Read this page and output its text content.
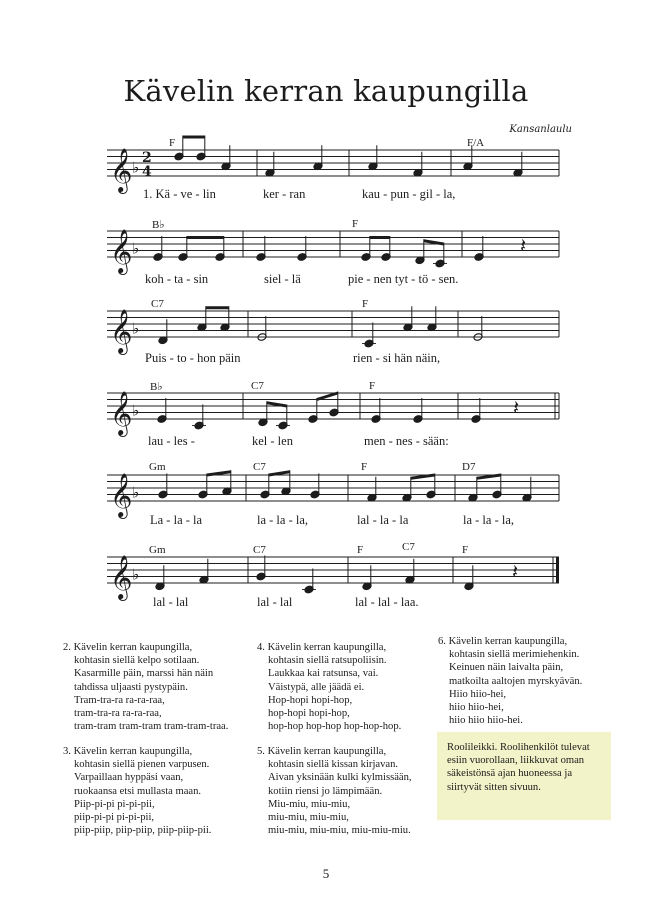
Kävelin kerran kaupungilla
Kansanlaulu
𝄞 ♭
2
4
𝄞 ♭	𝄽
𝄞 ♭
𝄞 ♭	𝄽
𝄞 ♭
𝄞 ♭	𝄽
F	F/A
B♭	F
C7	F
B♭	C7	F
Gm	C7	F	D7
Gm	C7	F	C7	F
1. Kä - ve - lin	ker - ran	kau - pun - gil - la,
koh - ta - sin	siel - lä	pie - nen tyt - tö - sen.
Puis - to - hon päin	rien - si hän näin,
lau - les -	kel - len	men - nes - sään:
La - la - la	la - la - la,	lal - la - la	la - la - la,
lal - lal	lal - lal	lal - lal - laa.
2. Kävelin kerran kaupungilla,
kohtasin siellä kelpo sotilaan.
Kasarmille päin, marssi hän näin
tahdissa uljaasti pystypäin.
Tram-tra-ra ra-ra-raa,
tram-tra-ra ra-ra-raa,
tram-tram tram-tram tram-tram-traa.
3. Kävelin kerran kaupungilla,
kohtasin siellä pienen varpusen.
Varpaillaan hyppäsi vaan,
ruokaansa etsi mullasta maan.
Piip-pi-pi pi-pi-pii,
piip-pi-pi pi-pi-pii,
piip-piip, piip-piip, piip-piip-pii.
4. Kävelin kerran kaupungilla,
kohtasin siellä ratsupoliisin.
Laukkaa kai ratsunsa, vai.
Väistypä, alle jäädä ei.
Hop-hopi hopi-hop,
hop-hopi hopi-hop,
hop-hop hop-hop hop-hop-hop.
5. Kävelin kerran kaupungilla,
kohtasin siellä kissan kirjavan.
Aivan yksinään kulki kylmissään,
kotiin riensi jo lämpimään.
Miu-miu, miu-miu,
miu-miu, miu-miu,
miu-miu, miu-miu, miu-miu-miu.
6. Kävelin kerran kaupungilla,
kohtasin siellä merimiehenkin.
Keinuen näin laivalta päin,
matkoilta aaltojen myrskyävän.
Hiio hiio-hei,
hiio hiio-hei,
hiio hiio hiio-hei.
Roolileikki. Roolihenkilöt tulevat esiin vuorollaan, liikkuvat oman säkeistönsä ajan huoneessa ja siirtyvät sitten sivuun.
5
